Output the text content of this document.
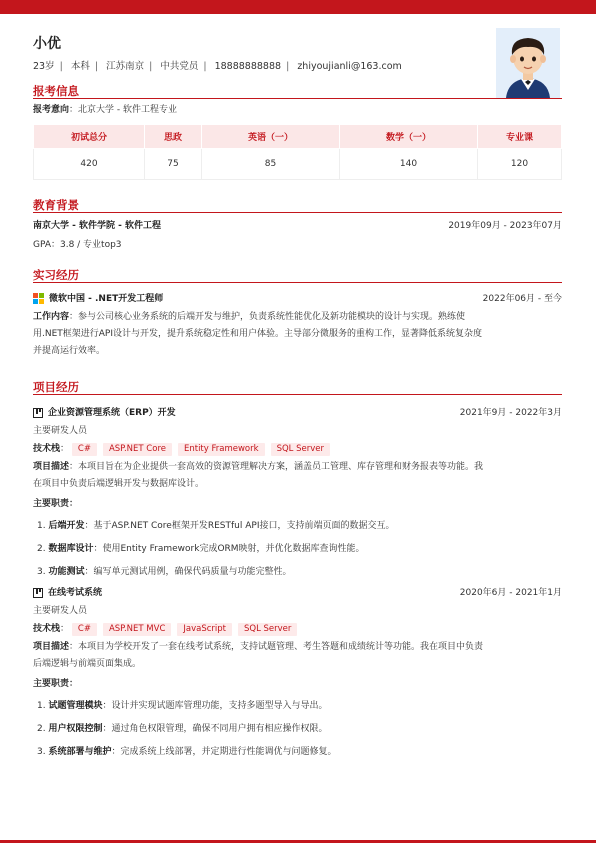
小优
23岁 | 本科 | 江苏南京 | 中共党员 | 18888888888 | zhiyoujianli@163.com
报考信息
报考意向：北京大学 - 软件工程专业
初试总分	思政	英语（一）	数学（一）	专业课
420	75	85	140	120
教育背景
南京大学 - 软件学院 - 软件工程	2019年09月 - 2023年07月
GPA：3.8 / 专业top3
实习经历
微软中国 - .NET开发工程师	2022年06月 - 至今
工作内容：参与公司核心业务系统的后端开发与维护，负责系统性能优化及新功能模块的设计与实现。熟练使
用.NET框架进行API设计与开发，提升系统稳定性和用户体验。主导部分微服务的重构工作，显著降低系统复杂度
并提高运行效率。
项目经历
企业资源管理系统（ERP）开发	2021年9月 - 2022年3月
主要研发人员
技术栈： C# ASP.NET Core Entity Framework SQL Server
项目描述：本项目旨在为企业提供一套高效的资源管理解决方案，涵盖员工管理、库存管理和财务报表等功能。我
在项目中负责后端逻辑开发与数据库设计。
主要职责：
1. 后端开发：基于ASP.NET Core框架开发RESTful API接口，支持前端页面的数据交互。
2. 数据库设计：使用Entity Framework完成ORM映射，并优化数据库查询性能。
3. 功能测试：编写单元测试用例，确保代码质量与功能完整性。
在线考试系统	2020年6月 - 2021年1月
主要研发人员
技术栈： C# ASP.NET MVC JavaScript SQL Server
项目描述：本项目为学校开发了一套在线考试系统，支持试题管理、考生答题和成绩统计等功能。我在项目中负责
后端逻辑与前端页面集成。
主要职责：
1. 试题管理模块：设计并实现试题库管理功能，支持多题型导入与导出。
2. 用户权限控制：通过角色权限管理，确保不同用户拥有相应操作权限。
3. 系统部署与维护：完成系统上线部署，并定期进行性能调优与问题修复。
